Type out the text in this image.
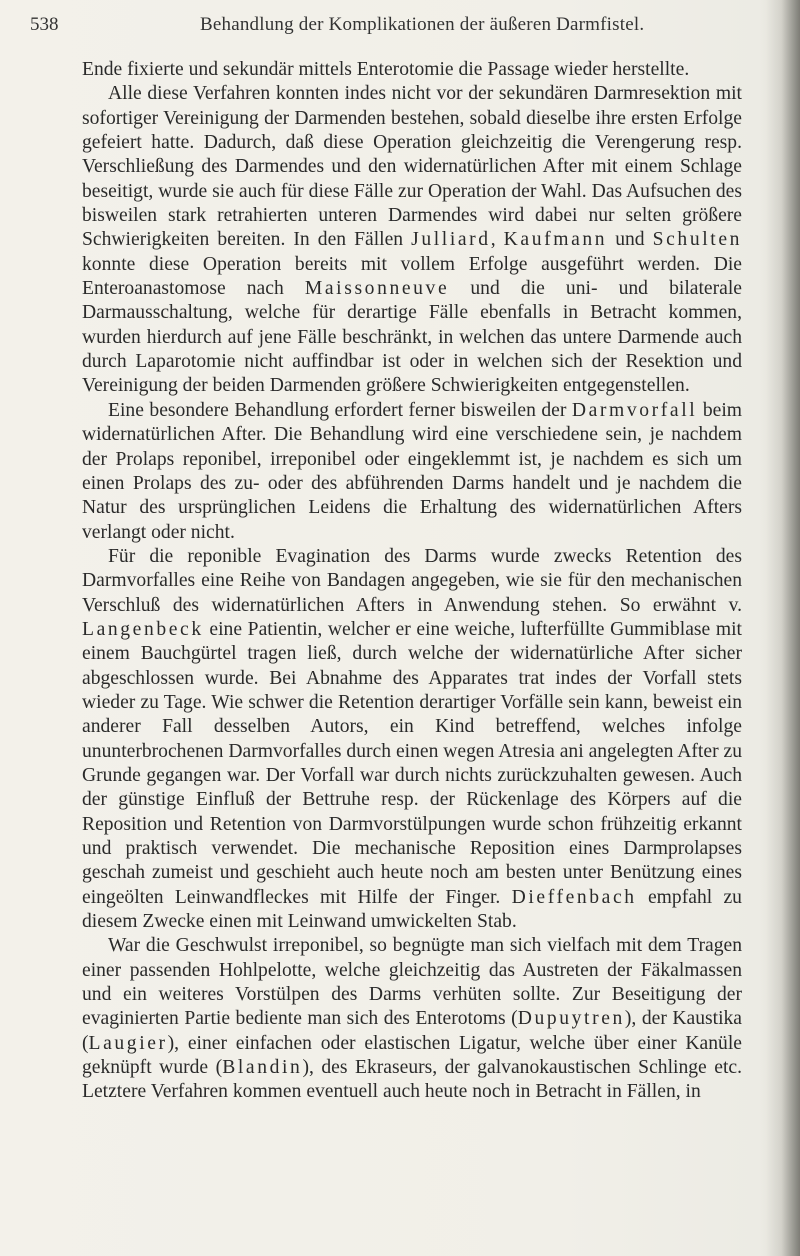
538	Behandlung der Komplikationen der äußeren Darmfistel.

Ende fixierte und sekundär mittels Enterotomie die Passage wieder herstellte.

Alle diese Verfahren konnten indes nicht vor der sekundären Darmresektion mit sofortiger Vereinigung der Darmenden bestehen, sobald dieselbe ihre ersten Erfolge gefeiert hatte. Dadurch, daß diese Operation gleichzeitig die Verengerung resp. Verschließung des Darmendes und den widernatürlichen After mit einem Schlage beseitigt, wurde sie auch für diese Fälle zur Operation der Wahl. Das Aufsuchen des bisweilen stark retrahierten unteren Darmendes wird dabei nur selten größere Schwierigkeiten bereiten. In den Fällen Julliard, Kaufmann und Schulten konnte diese Operation bereits mit vollem Erfolge ausgeführt werden. Die Enteroanastomose nach Maissonneuve und die uni- und bilaterale Darmausschaltung, welche für derartige Fälle ebenfalls in Betracht kommen, wurden hierdurch auf jene Fälle beschränkt, in welchen das untere Darmende auch durch Laparotomie nicht auffindbar ist oder in welchen sich der Resektion und Vereinigung der beiden Darmenden größere Schwierigkeiten entgegenstellen.

Eine besondere Behandlung erfordert ferner bisweilen der Darmvorfall beim widernatürlichen After. Die Behandlung wird eine verschiedene sein, je nachdem der Prolaps reponibel, irreponibel oder eingeklemmt ist, je nachdem es sich um einen Prolaps des zu- oder des abführenden Darms handelt und je nachdem die Natur des ursprünglichen Leidens die Erhaltung des widernatürlichen Afters verlangt oder nicht.

Für die reponible Evagination des Darms wurde zwecks Retention des Darmvorfalles eine Reihe von Bandagen angegeben, wie sie für den mechanischen Verschluß des widernatürlichen Afters in Anwendung stehen. So erwähnt v. Langenbeck eine Patientin, welcher er eine weiche, lufterfüllte Gummiblase mit einem Bauchgürtel tragen ließ, durch welche der widernatürliche After sicher abgeschlossen wurde. Bei Abnahme des Apparates trat indes der Vorfall stets wieder zu Tage. Wie schwer die Retention derartiger Vorfälle sein kann, beweist ein anderer Fall desselben Autors, ein Kind betreffend, welches infolge ununterbrochenen Darmvorfalles durch einen wegen Atresia ani angelegten After zu Grunde gegangen war. Der Vorfall war durch nichts zurückzuhalten gewesen. Auch der günstige Einfluß der Bettruhe resp. der Rückenlage des Körpers auf die Reposition und Retention von Darmvorstülpungen wurde schon frühzeitig erkannt und praktisch verwendet. Die mechanische Reposition eines Darmprolapses geschah zumeist und geschieht auch heute noch am besten unter Benützung eines eingeölten Leinwandfleckes mit Hilfe der Finger. Dieffenbach empfahl zu diesem Zwecke einen mit Leinwand umwickelten Stab.

War die Geschwulst irreponibel, so begnügte man sich vielfach mit dem Tragen einer passenden Hohlpelotte, welche gleichzeitig das Austreten der Fäkalmassen und ein weiteres Vorstülpen des Darms verhüten sollte. Zur Beseitigung der evaginierten Partie bediente man sich des Enterotoms (Dupuytren), der Kaustika (Laugier), einer einfachen oder elastischen Ligatur, welche über einer Kanüle geknüpft wurde (Blandin), des Ekraseurs, der galvanokaustischen Schlinge etc. Letztere Verfahren kommen eventuell auch heute noch in Betracht in Fällen, in
